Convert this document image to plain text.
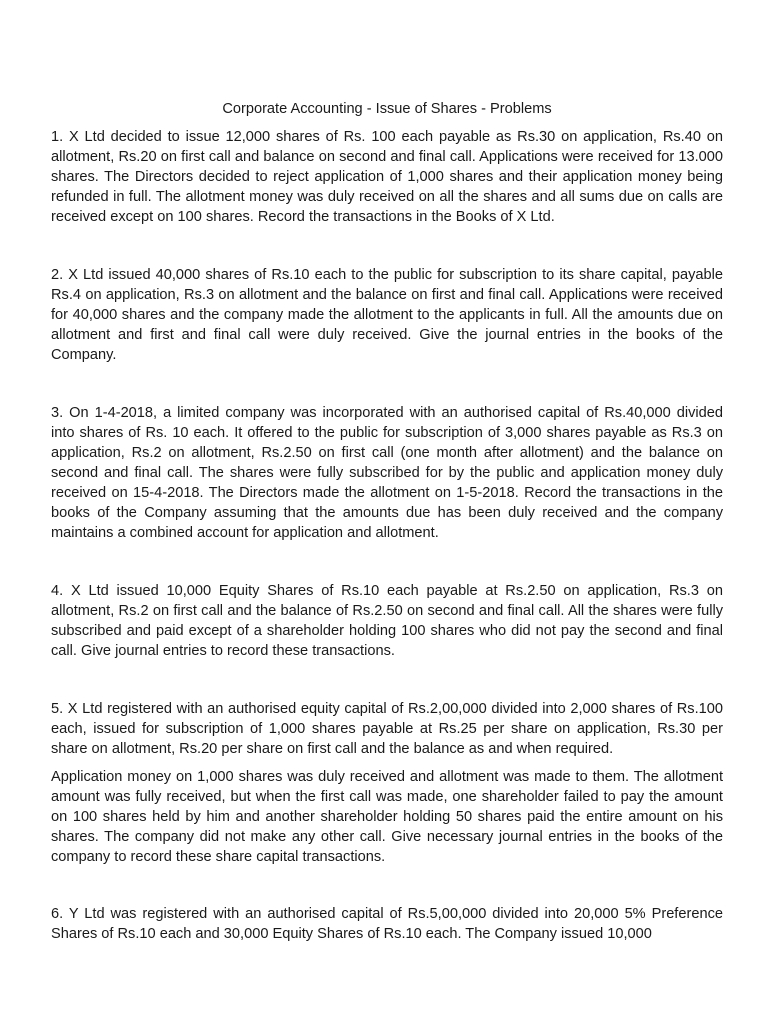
Corporate Accounting - Issue of Shares - Problems

1. X Ltd decided to issue 12,000 shares of Rs. 100 each payable as Rs.30 on application, Rs.40 on allotment, Rs.20 on first call and balance on second and final call. Applications were received for 13.000 shares. The Directors decided to reject application of 1,000 shares and their application money being refunded in full. The allotment money was duly received on all the shares and all sums due on calls are received except on 100 shares. Record the transactions in the Books of X Ltd.

2. X Ltd issued 40,000 shares of Rs.10 each to the public for subscription to its share capital, payable Rs.4 on application, Rs.3 on allotment and the balance on first and final call. Applications were received for 40,000 shares and the company made the allotment to the applicants in full. All the amounts due on allotment and first and final call were duly received. Give the journal entries in the books of the Company.

3. On 1-4-2018, a limited company was incorporated with an authorised capital of Rs.40,000 divided into shares of Rs. 10 each. It offered to the public for subscription of 3,000 shares payable as Rs.3 on application, Rs.2 on allotment, Rs.2.50 on first call (one month after allotment) and the balance on second and final call. The shares were fully subscribed for by the public and application money duly received on 15-4-2018. The Directors made the allotment on 1-5-2018. Record the transactions in the books of the Company assuming that the amounts due has been duly received and the company maintains a combined account for application and allotment.

4. X Ltd issued 10,000 Equity Shares of Rs.10 each payable at Rs.2.50 on application, Rs.3 on allotment, Rs.2 on first call and the balance of Rs.2.50 on second and final call. All the shares were fully subscribed and paid except of a shareholder holding 100 shares who did not pay the second and final call. Give journal entries to record these transactions.

5. X Ltd registered with an authorised equity capital of Rs.2,00,000 divided into 2,000 shares of Rs.100 each, issued for subscription of 1,000 shares payable at Rs.25 per share on application, Rs.30 per share on allotment, Rs.20 per share on first call and the balance as and when required.

Application money on 1,000 shares was duly received and allotment was made to them. The allotment amount was fully received, but when the first call was made, one shareholder failed to pay the amount on 100 shares held by him and another shareholder holding 50 shares paid the entire amount on his shares. The company did not make any other call. Give necessary journal entries in the books of the company to record these share capital transactions.

6. Y Ltd was registered with an authorised capital of Rs.5,00,000 divided into 20,000 5% Preference Shares of Rs.10 each and 30,000 Equity Shares of Rs.10 each. The Company issued 10,000
